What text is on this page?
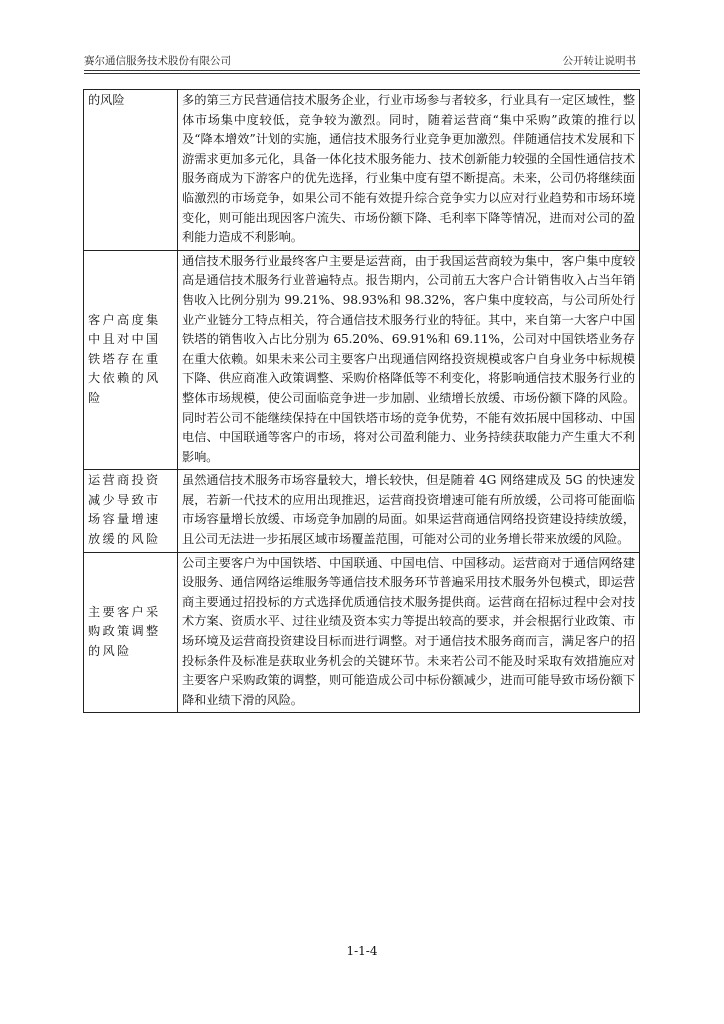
赛尔通信服务技术股份有限公司	公开转让说明书
的风险	多的第三方民营通信技术服务企业，行业市场参与者较多，行业具有一定区域性，整体市场集中度较低，竞争较为激烈。同时，随着运营商“集中采购”政策的推行以及“降本增效”计划的实施，通信技术服务行业竞争更加激烈。伴随通信技术发展和下游需求更加多元化，具备一体化技术服务能力、技术创新能力较强的全国性通信技术服务商成为下游客户的优先选择，行业集中度有望不断提高。未来，公司仍将继续面临激烈的市场竞争，如果公司不能有效提升综合竞争实力以应对行业趋势和市场环境变化，则可能出现因客户流失、市场份额下降、毛利率下降等情况，进而对公司的盈利能力造成不利影响。
客户高度集中且对中国铁塔存在重大依赖的风险	通信技术服务行业最终客户主要是运营商，由于我国运营商较为集中，客户集中度较高是通信技术服务行业普遍特点。报告期内，公司前五大客户合计销售收入占当年销售收入比例分别为 99.21%、98.93%和 98.32%，客户集中度较高，与公司所处行业产业链分工特点相关，符合通信技术服务行业的特征。其中，来自第一大客户中国铁塔的销售收入占比分别为 65.20%、69.91%和 69.11%，公司对中国铁塔业务存在重大依赖。如果未来公司主要客户出现通信网络投资规模或客户自身业务中标规模下降、供应商准入政策调整、采购价格降低等不利变化，将影响通信技术服务行业的整体市场规模，使公司面临竞争进一步加剧、业绩增长放缓、市场份额下降的风险。同时若公司不能继续保持在中国铁塔市场的竞争优势，不能有效拓展中国移动、中国电信、中国联通等客户的市场，将对公司盈利能力、业务持续获取能力产生重大不利影响。
运营商投资减少导致市场容量增速放缓的风险	虽然通信技术服务市场容量较大，增长较快，但是随着 4G 网络建成及 5G 的快速发展，若新一代技术的应用出现推迟，运营商投资增速可能有所放缓，公司将可能面临市场容量增长放缓、市场竞争加剧的局面。如果运营商通信网络投资建设持续放缓，且公司无法进一步拓展区域市场覆盖范围，可能对公司的业务增长带来放缓的风险。
主要客户采购政策调整的风险	公司主要客户为中国铁塔、中国联通、中国电信、中国移动。运营商对于通信网络建设服务、通信网络运维服务等通信技术服务环节普遍采用技术服务外包模式，即运营商主要通过招投标的方式选择优质通信技术服务提供商。运营商在招标过程中会对技术方案、资质水平、过往业绩及资本实力等提出较高的要求，并会根据行业政策、市场环境及运营商投资建设目标而进行调整。对于通信技术服务商而言，满足客户的招投标条件及标准是获取业务机会的关键环节。未来若公司不能及时采取有效措施应对主要客户采购政策的调整，则可能造成公司中标份额减少，进而可能导致市场份额下降和业绩下滑的风险。
1-1-4
